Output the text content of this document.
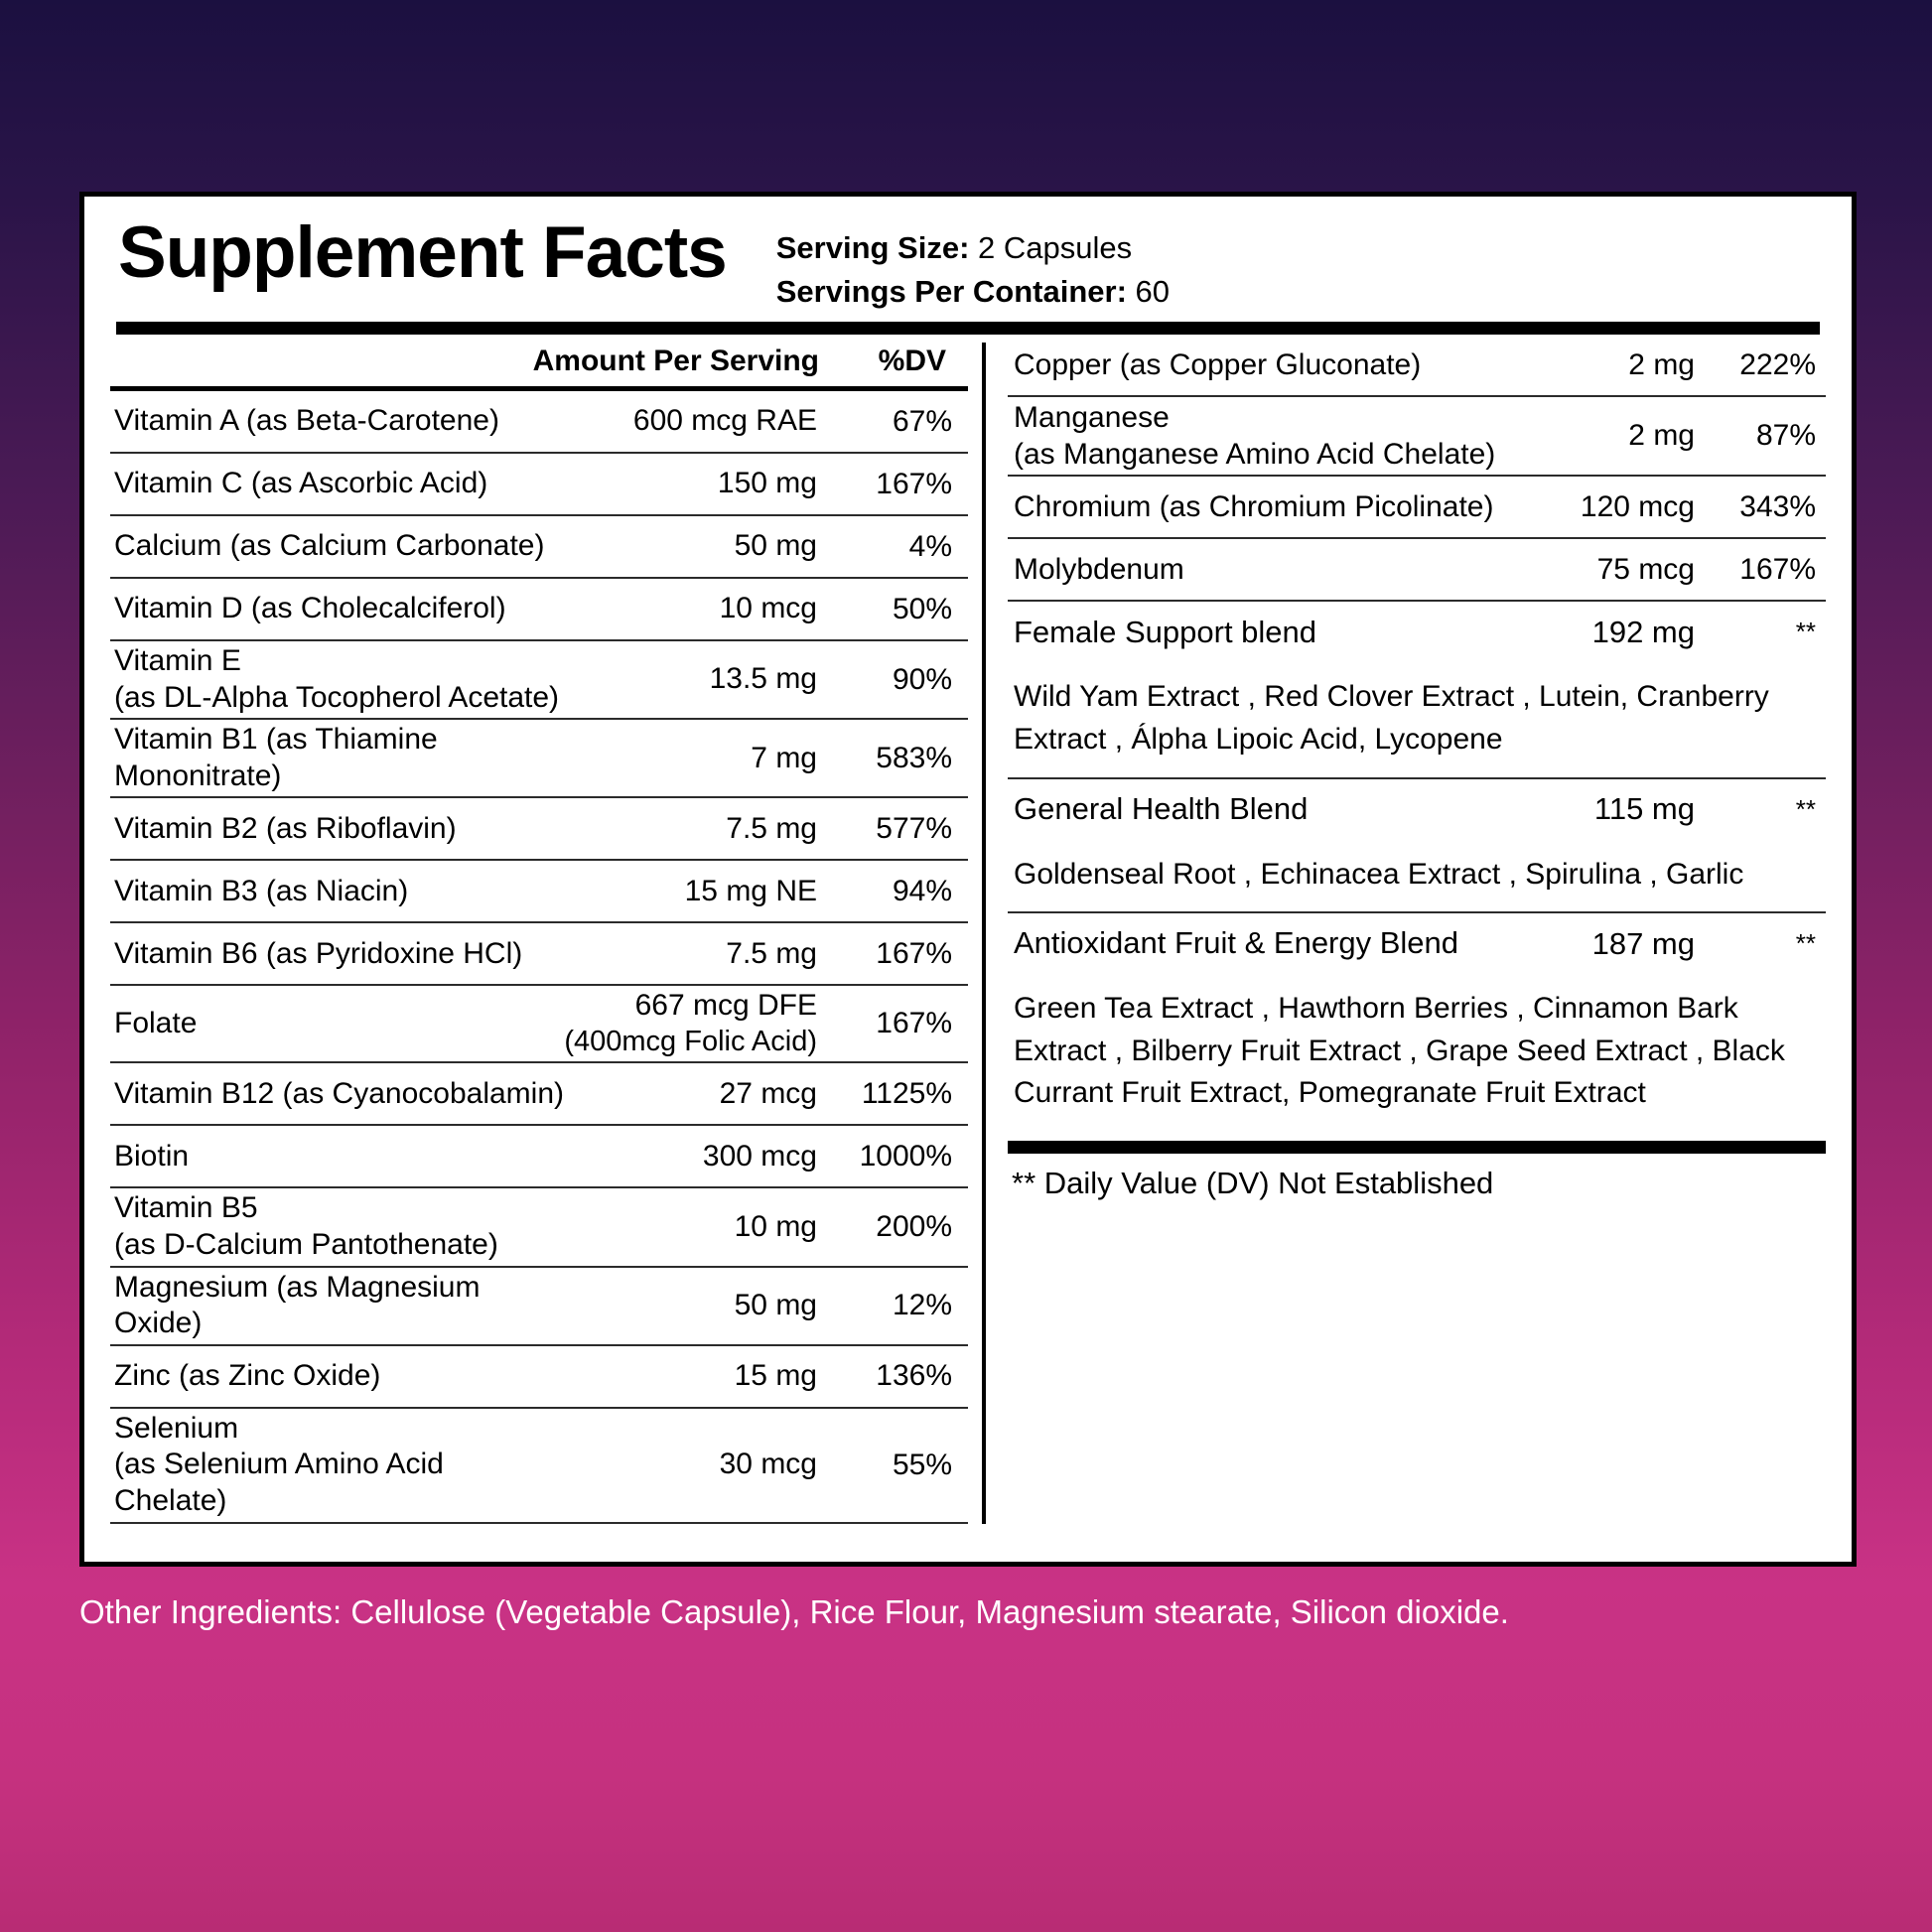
Supplement Facts Serving Size: 2 Capsules
Servings Per Container: 60
Amount Per Serving	%DV
Vitamin A (as Beta-Carotene)	600 mcg RAE	67%
Vitamin C (as Ascorbic Acid)	150 mg	167%
Calcium (as Calcium Carbonate)	50 mg	4%
Vitamin D (as Cholecalciferol)	10 mcg	50%
Vitamin E
(as DL-Alpha Tocopherol Acetate)
13.5 mg	90%
Vitamin B1 (as Thiamine Mononitrate)
7 mg	583%
Vitamin B2 (as Riboflavin)	7.5 mg	577%
Vitamin B3 (as Niacin)	15 mg NE	94%
Vitamin B6 (as Pyridoxine HCl)	7.5 mg	167%
Folate
667 mcg DFE
(400mcg Folic Acid)
167%
Vitamin B12 (as Cyanocobalamin)	27 mcg	1125%
Biotin	300 mcg	1000%
Vitamin B5
(as D-Calcium Pantothenate)
10 mg	200%
Magnesium (as Magnesium Oxide)
50 mg	12%
Zinc (as Zinc Oxide)	15 mg	136%
Selenium
(as Selenium Amino Acid Chelate)
30 mcg	55%
Copper (as Copper Gluconate)	2 mg	222%
Manganese
(as Manganese Amino Acid Chelate)
2 mg	87%
Chromium (as Chromium Picolinate)	120 mcg	343%
Molybdenum	75 mcg	167%
Female Support blend	192 mg	**
Wild Yam Extract , Red Clover Extract , Lutein, Cranberry Extract , Álpha Lipoic Acid, Lycopene
General Health Blend	115 mg	**
Goldenseal Root , Echinacea Extract , Spirulina , Garlic
Antioxidant Fruit & Energy Blend	187 mg	**
Green Tea Extract , Hawthorn Berries , Cinnamon Bark Extract , Bilberry Fruit Extract , Grape Seed Extract , Black Currant Fruit Extract, Pomegranate Fruit Extract
** Daily Value (DV) Not Established
Other Ingredients: Cellulose (Vegetable Capsule), Rice Flour, Magnesium stearate, Silicon dioxide.
